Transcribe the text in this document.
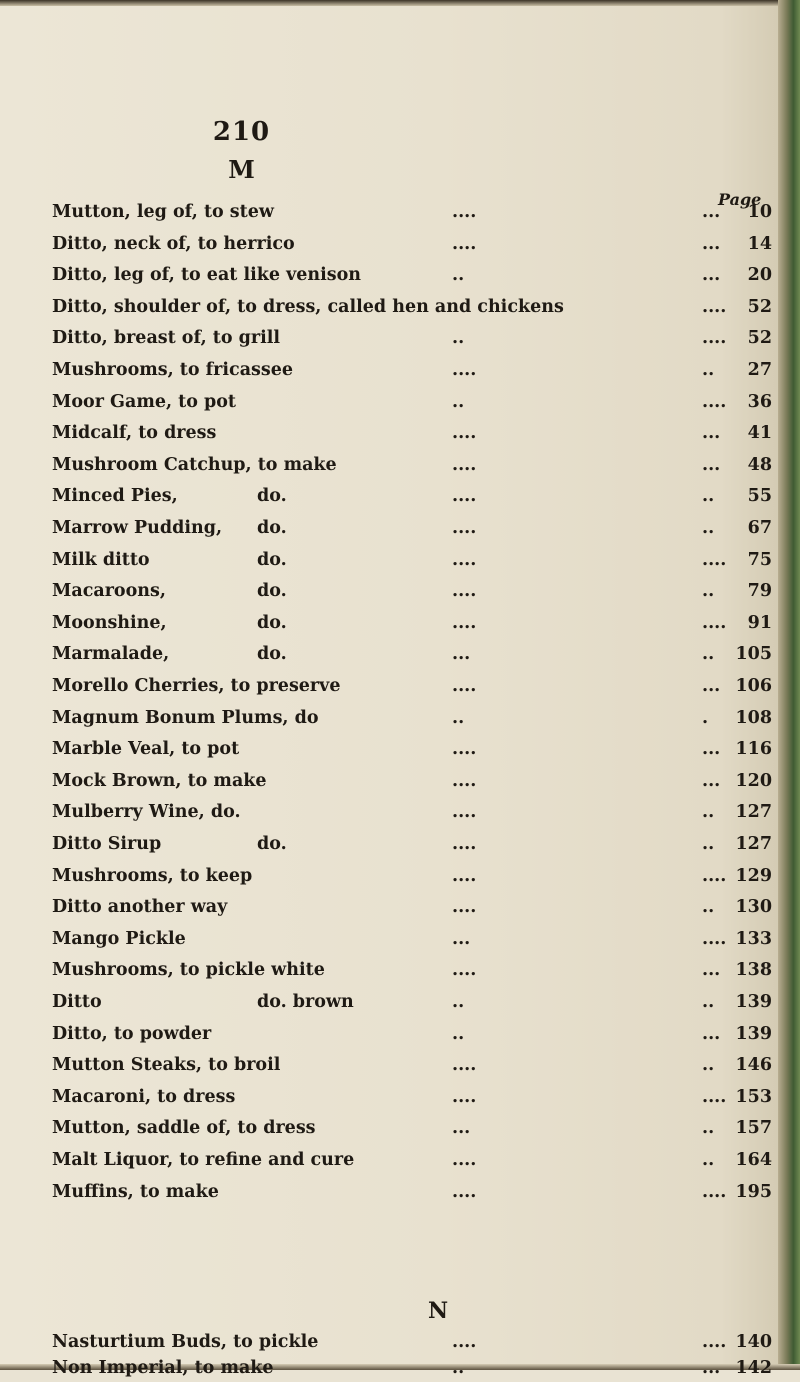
210
M
Page
Mutton, leg of, to stew	....	...	10
Ditto, neck of, to herrico	....	...	14
Ditto, leg of, to eat like venison	..	...	20
Ditto, shoulder of, to dress, called hen and chickens	....	52
Ditto, breast of, to grill	..	....	52
Mushrooms, to fricassee	....	..	27
Moor Game, to pot	..	....	36
Midcalf, to dress	....	...	41
Mushroom Catchup, to make	....	...	48
Minced Pies,	do.	....	..	55
Marrow Pudding, do.	....	..	67
Milk ditto	do.	....	....	75
Macaroons,	do.	....	..	79
Moonshine,	do.	....	....	91
Marmalade,	do.	...	.. 105
Morello Cherries, to preserve	....	... 106
Magnum Bonum Plums, do	..	. 108
Marble Veal, to pot	....	... 116
Mock Brown, to make	....	... 120
Mulberry Wine, do.	....	.. 127
Ditto Sirup	do.	....	.. 127
Mushrooms, to keep	....	.... 129
Ditto another way	....	.. 130
Mango Pickle	...	.... 133
Mushrooms, to pickle white	....	... 138
Ditto	do. brown	..	.. 139
Ditto, to powder	..	... 139
Mutton Steaks, to broil	....	.. 146
Macaroni, to dress	....	.... 153
Mutton, saddle of, to dress	...	.. 157
Malt Liquor, to refine and cure	....	.. 164
Muffins, to make	....	.... 195
Nasturtium Buds, to pickle	....	.... 140
Non Imperial, to make	..	... 142
N
